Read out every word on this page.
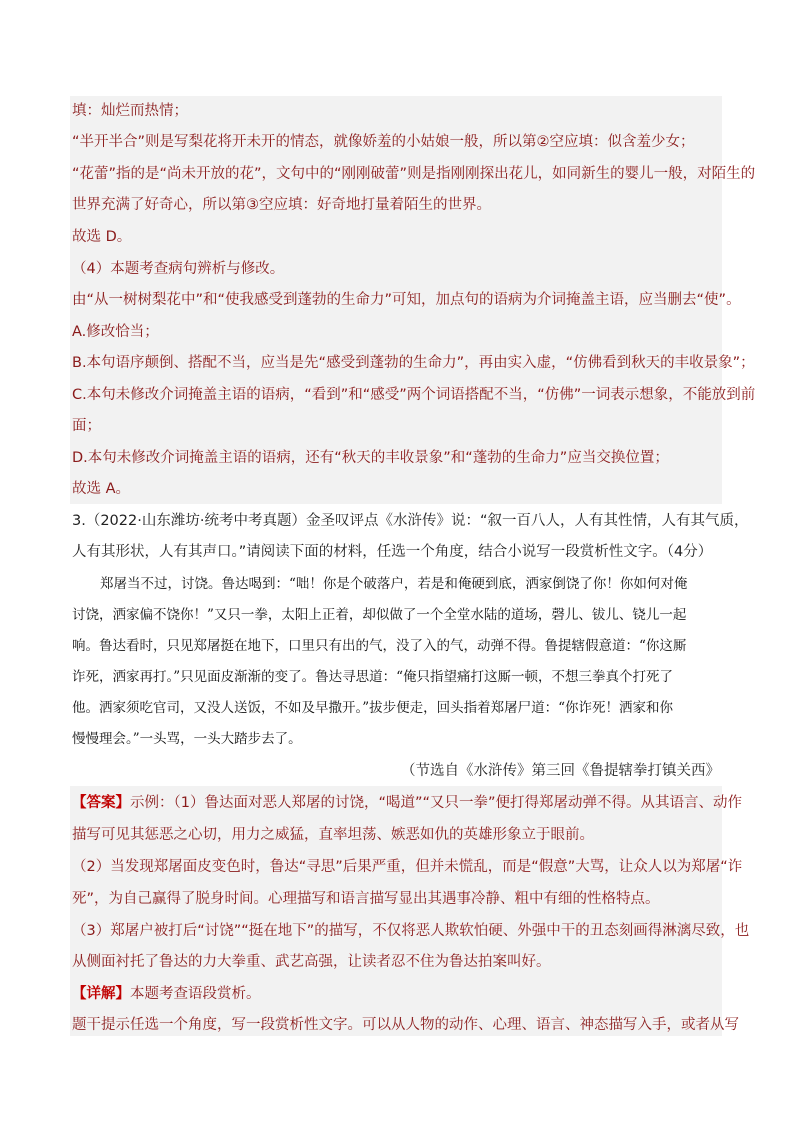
填：灿烂而热情；
“半开半合”则是写梨花将开未开的情态，就像娇羞的小姑娘一般，所以第②空应填：似含羞少女；
“花蕾”指的是“尚未开放的花”，文句中的“刚刚破蕾”则是指刚刚探出花儿，如同新生的婴儿一般，对陌生的
世界充满了好奇心，所以第③空应填：好奇地打量着陌生的世界。
故选 D。
（4）本题考查病句辨析与修改。
由“从一树树梨花中”和“使我感受到蓬勃的生命力”可知，加点句的语病为介词掩盖主语，应当删去“使”。
A.修改恰当；
B.本句语序颠倒、搭配不当，应当是先“感受到蓬勃的生命力”，再由实入虚，“仿佛看到秋天的丰收景象”；
C.本句未修改介词掩盖主语的语病，“看到”和“感受”两个词语搭配不当，“仿佛”一词表示想象，不能放到前
面；
D.本句未修改介词掩盖主语的语病，还有“秋天的丰收景象”和“蓬勃的生命力”应当交换位置；
故选 A。
3.（2022·山东潍坊·统考中考真题）金圣叹评点《水浒传》说：“叙一百八人，人有其性情，人有其气质，
人有其形状，人有其声口。”请阅读下面的材料，任选一个角度，结合小说写一段赏析性文字。（4分）
郑屠当不过，讨饶。鲁达喝到：“咄！你是个破落户，若是和俺硬到底，洒家倒饶了你！你如何对俺
讨饶，洒家偏不饶你！”又只一拳，太阳上正着，却似做了一个全堂水陆的道场，磬儿、钹儿、铙儿一起
响。鲁达看时，只见郑屠挺在地下，口里只有出的气，没了入的气，动弹不得。鲁提辖假意道：“你这厮
诈死，洒家再打。”只见面皮渐渐的变了。鲁达寻思道：“俺只指望痛打这厮一顿，不想三拳真个打死了
他。洒家须吃官司，又没人送饭，不如及早撒开。”拔步便走，回头指着郑屠尸道：“你诈死！洒家和你
慢慢理会。”一头骂，一头大踏步去了。
（节选自《水浒传》第三回《鲁提辖拳打镇关西》
【答案】示例：（1）鲁达面对恶人郑屠的讨饶，“喝道”“又只一拳”便打得郑屠动弹不得。从其语言、动作
描写可见其惩恶之心切，用力之威猛，直率坦荡、嫉恶如仇的英雄形象立于眼前。
（2）当发现郑屠面皮变色时，鲁达“寻思”后果严重，但并未慌乱，而是“假意”大骂，让众人以为郑屠“诈
死”，为自己赢得了脱身时间。心理描写和语言描写显出其遇事冷静、粗中有细的性格特点。
（3）郑屠户被打后“讨饶”“挺在地下”的描写，不仅将恶人欺软怕硬、外强中干的丑态刻画得淋漓尽致，也
从侧面衬托了鲁达的力大拳重、武艺高强，让读者忍不住为鲁达拍案叫好。
【详解】本题考查语段赏析。
题干提示任选一个角度，写一段赏析性文字。可以从人物的动作、心理、语言、神态描写入手，或者从写
